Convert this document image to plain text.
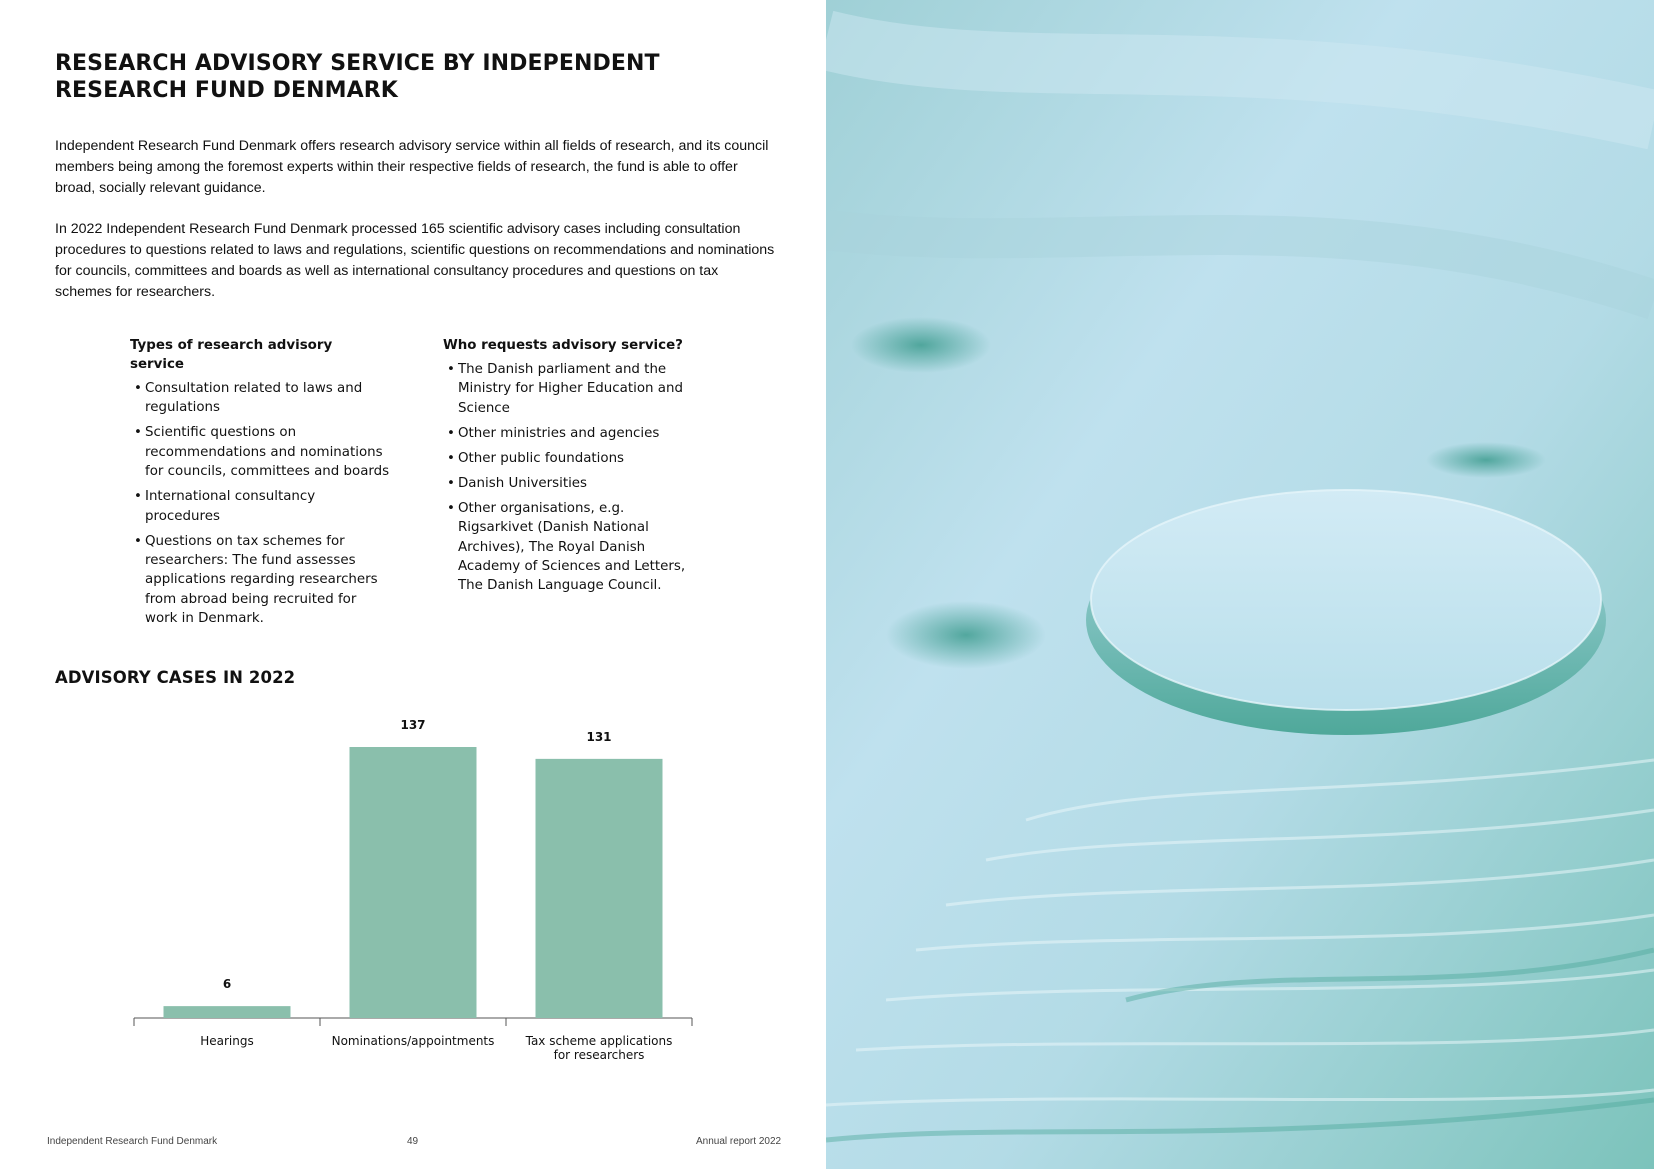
RESEARCH ADVISORY SERVICE BY INDEPENDENT
RESEARCH FUND DENMARK

Independent Research Fund Denmark offers research advisory service within all fields of research, and its council members being among the foremost experts within their respective fields of research, the fund is able to offer broad, socially relevant guidance.

In 2022 Independent Research Fund Denmark processed 165 scientific advisory cases including consultation procedures to questions related to laws and regulations, scientific questions on recommendations and nominations for councils, committees and boards as well as international consultancy procedures and questions on tax schemes for researchers.

Types of research advisory service

• Consultation related to laws and regulations
• Scientific questions on recommendations and nominations for councils, committees and boards
• International consultancy procedures
• Questions on tax schemes for researchers: The fund assesses applications regarding researchers from abroad being recruited for work in Denmark.

Who requests advisory service?

• The Danish parliament and the Ministry for Higher Education and Science
• Other ministries and agencies
• Other public foundations
• Danish Universities
• Other organisations, e.g. Rigsarkivet (Danish National Archives), The Royal Danish Academy of Sciences and Letters, The Danish Language Council.
ADVISORY CASES IN 2022
6
Hearings
137
Nominations/appointments
131
Tax scheme applications
for researchers
Independent Research Fund Denmark	49	Annual report 2022
